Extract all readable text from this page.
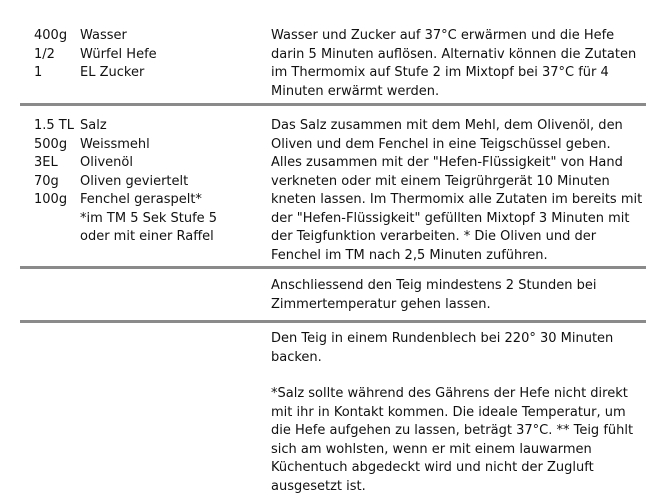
400g Wasser
1/2	Würfel Hefe
1	EL Zucker

Wasser und Zucker auf 37°C erwärmen und die Hefe darin 5 Minuten auflösen. Alternativ können die Zutaten im Thermomix auf Stufe 2 im Mixtopf bei 37°C für 4 Minuten erwärmt werden.

1.5 TL Salz
500g Weissmehl
3EL	Olivenöl
70g	Oliven geviertelt
100g Fenchel geraspelt*
*im TM 5 Sek Stufe 5
oder mit einer Raffel

Das Salz zusammen mit dem Mehl, dem Olivenöl, den Oliven und dem Fenchel in eine Teigschüssel geben. Alles zusammen mit der "Hefen-Flüssigkeit" von Hand verkneten oder mit einem Teigrührgerät 10 Minuten kneten lassen. Im Thermomix alle Zutaten im bereits mit der "Hefen-Flüssigkeit" gefüllten Mixtopf 3 Minuten mit der Teigfunktion verarbeiten. * Die Oliven und der Fenchel im TM nach 2,5 Minuten zuführen.

Anschliessend den Teig mindestens 2 Stunden bei Zimmertemperatur gehen lassen.

Den Teig in einem Rundenblech bei 220° 30 Minuten backen.

*Salz sollte während des Gährens der Hefe nicht direkt mit ihr in Kontakt kommen. Die ideale Temperatur, um die Hefe aufgehen zu lassen, beträgt 37°C. ** Teig fühlt sich am wohlsten, wenn er mit einem lauwarmen Küchentuch abgedeckt wird und nicht der Zugluft ausgesetzt ist.
